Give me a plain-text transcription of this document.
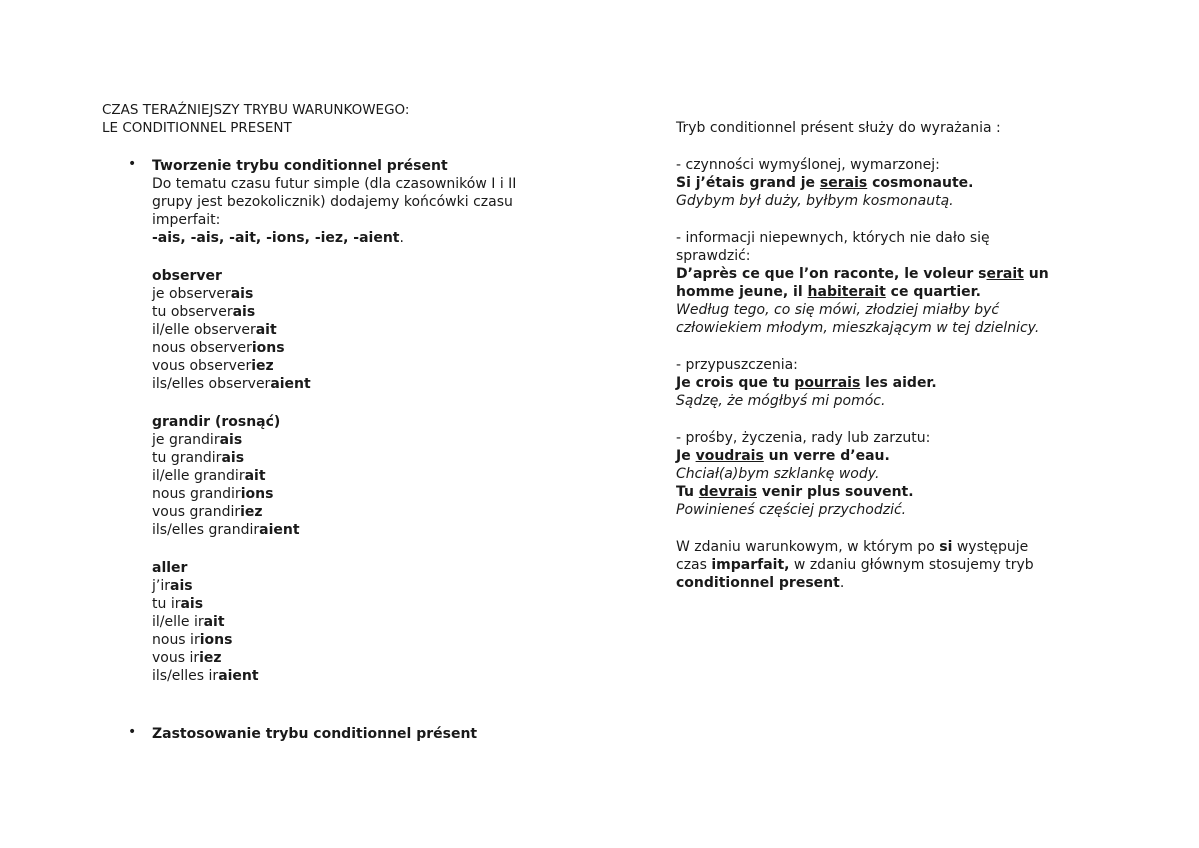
CZAS TERAŹNIEJSZY TRYBU WARUNKOWEGO:
LE CONDITIONNEL PRESENT
• Tworzenie trybu conditionnel présent
Do tematu czasu futur simple (dla czasowników I i II
grupy jest bezokolicznik) dodajemy końcówki czasu
imperfait:
-ais, -ais, -ait, -ions, -iez, -aient.
observer
je observerais
tu observerais
il/elle observerait
nous observerions
vous observeriez
ils/elles observeraient
grandir (rosnąć)
je grandirais
tu grandirais
il/elle grandirait
nous grandirions
vous grandiriez
ils/elles grandiraient
aller
j’irais
tu irais
il/elle irait
nous irions
vous iriez
ils/elles iraient
• Zastosowanie trybu conditionnel présent
Tryb conditionnel présent służy do wyrażania :
- czynności wymyślonej, wymarzonej:
Si j’étais grand je serais cosmonaute.
Gdybym był duży, byłbym kosmonautą.
- informacji niepewnych, których nie dało się
sprawdzić:
D’après ce que l’on raconte, le voleur serait un
homme jeune, il habiterait ce quartier.
Według tego, co się mówi, złodziej miałby być
człowiekiem młodym, mieszkającym w tej dzielnicy.
- przypuszczenia:
Je crois que tu pourrais les aider.
Sądzę, że mógłbyś mi pomóc.
- prośby, życzenia, rady lub zarzutu:
Je voudrais un verre d’eau.
Chciał(a)bym szklankę wody.
Tu devrais venir plus souvent.
Powinieneś częściej przychodzić.
W zdaniu warunkowym, w którym po si występuje
czas imparfait, w zdaniu głównym stosujemy tryb
conditionnel present.
